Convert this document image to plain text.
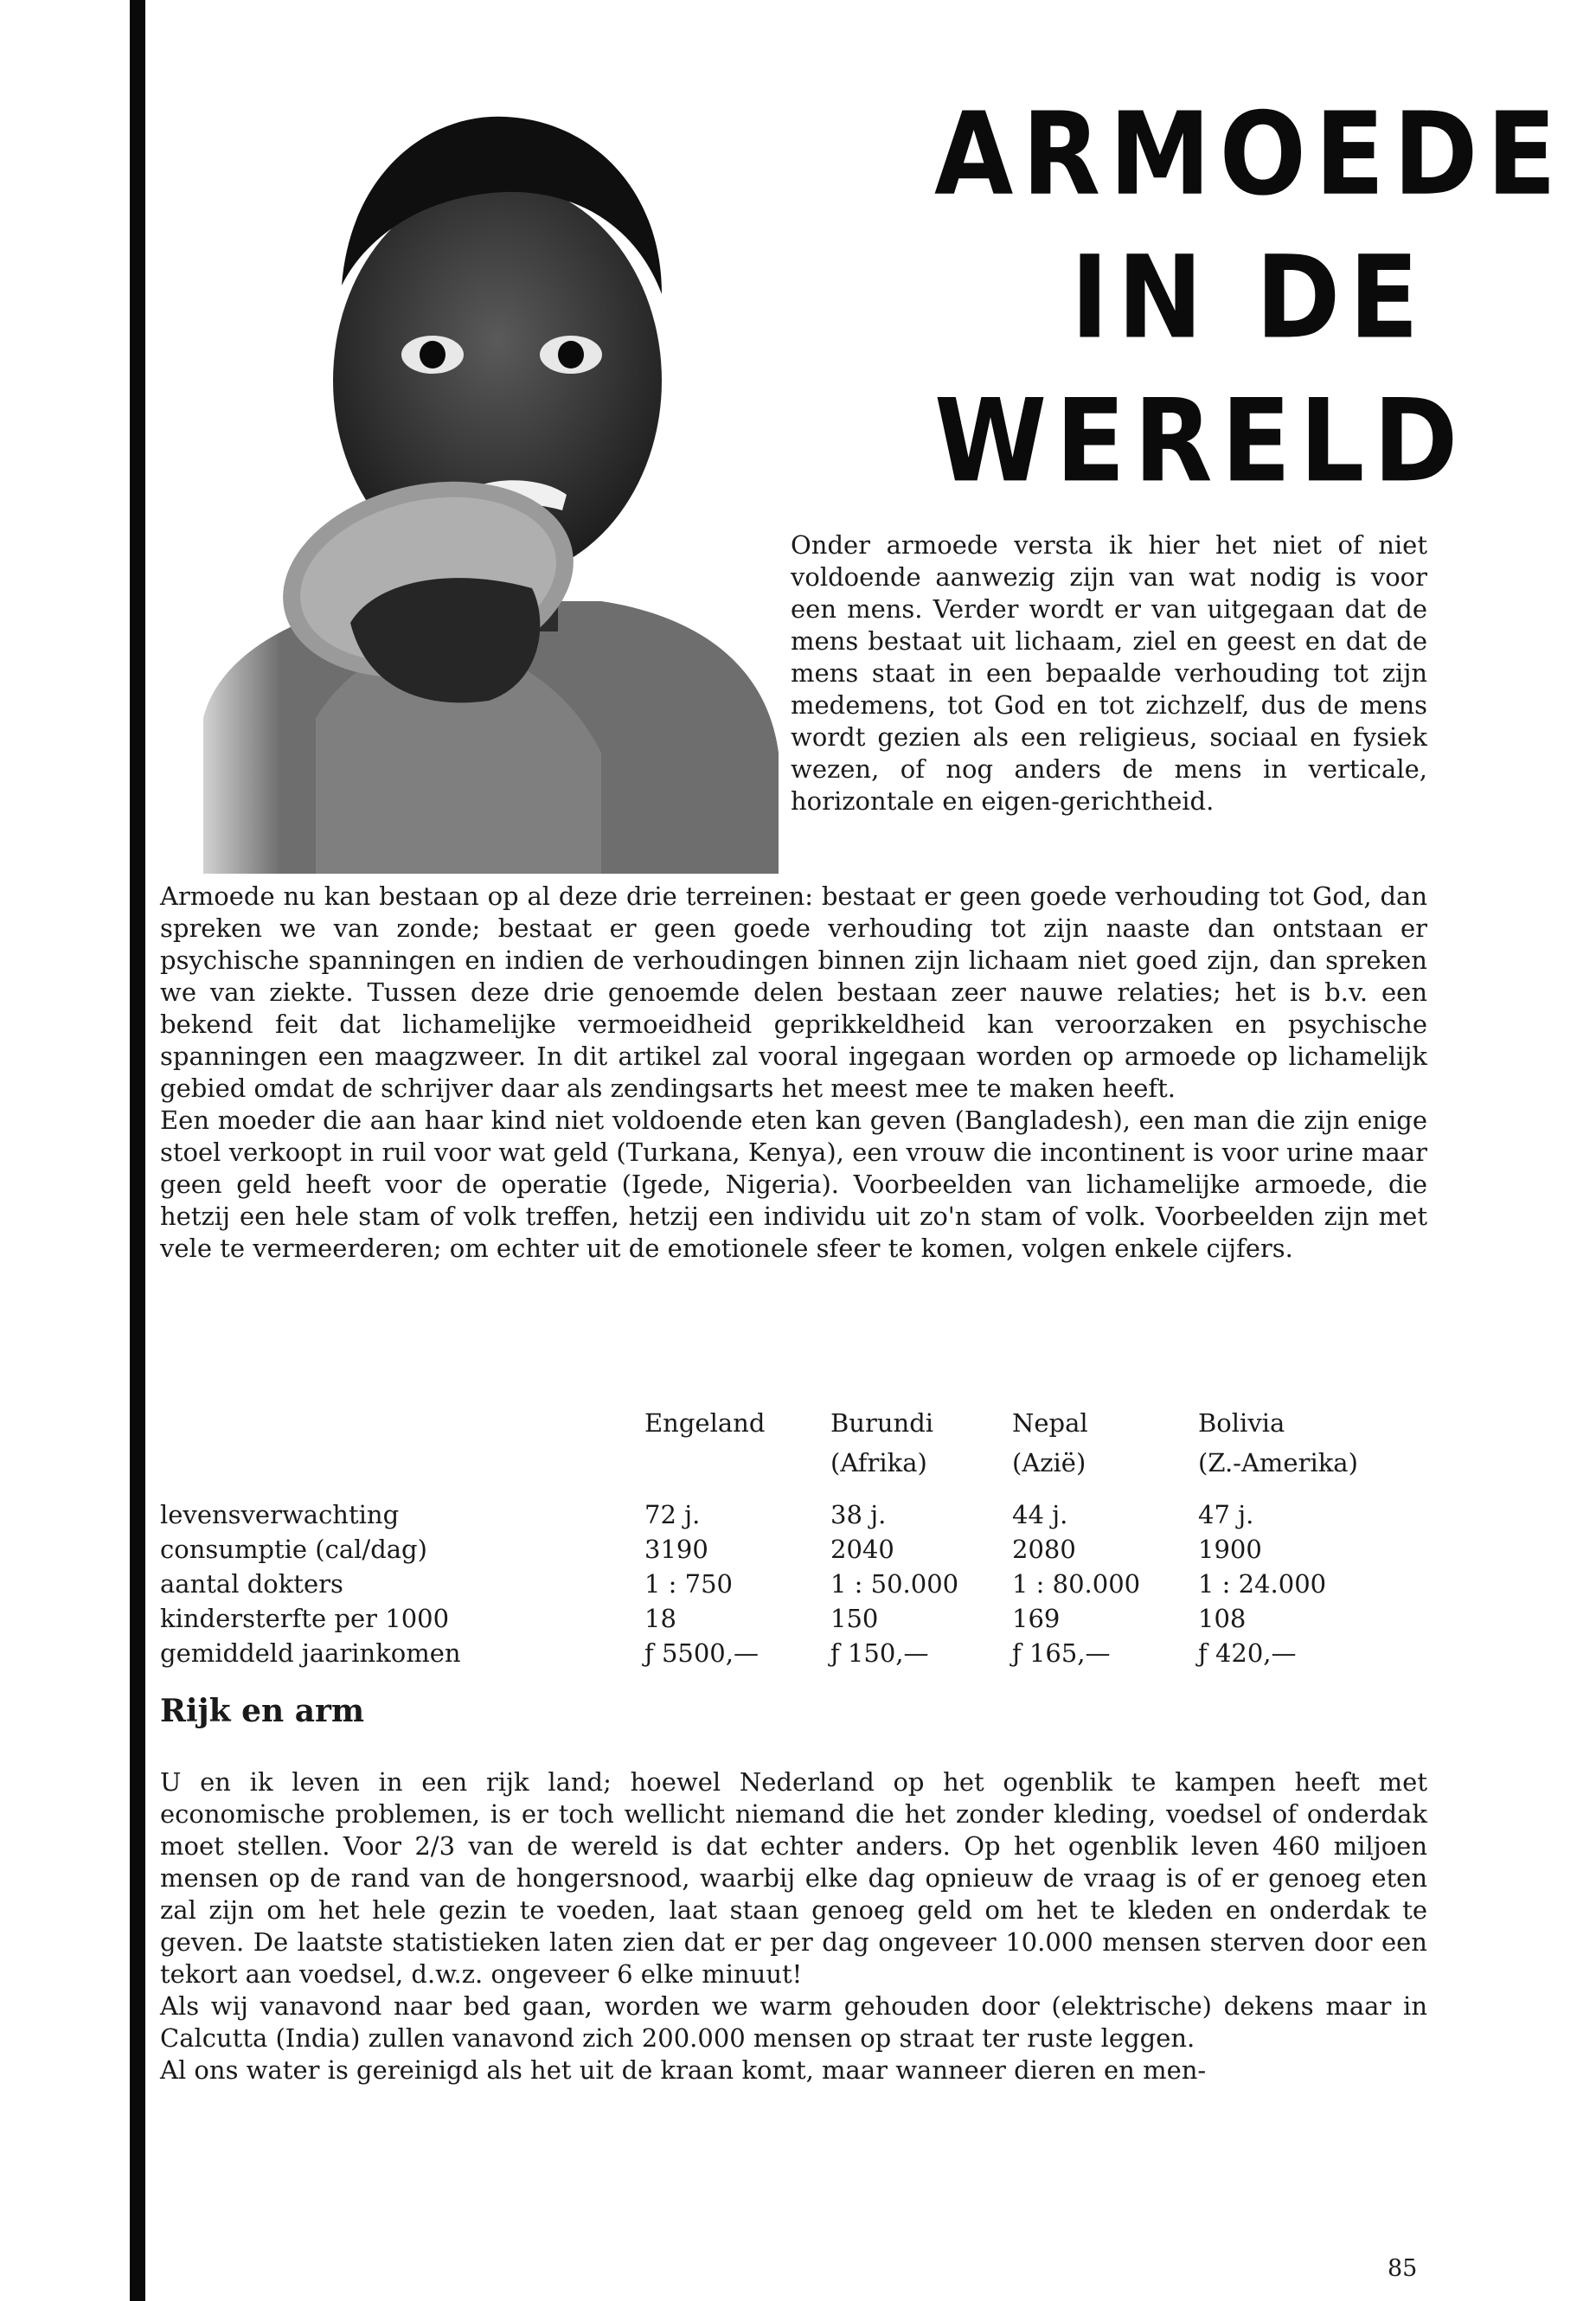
ARMOEDE
IN DE
WERELD

Onder armoede versta ik hier het niet of niet voldoende aanwezig zijn van wat nodig is voor een mens. Verder wordt er van uitgegaan dat de mens bestaat uit lichaam, ziel en geest en dat de mens staat in een bepaalde verhouding tot zijn medemens, tot God en tot zichzelf, dus de mens wordt gezien als een religieus, sociaal en fysiek wezen, of nog anders de mens in verticale, horizontale en eigen-gerichtheid.

Armoede nu kan bestaan op al deze drie terreinen: bestaat er geen goede verhouding tot God, dan spreken we van zonde; bestaat er geen goede verhouding tot zijn naaste dan ontstaan er psychische spanningen en indien de verhoudingen binnen zijn lichaam niet goed zijn, dan spreken we van ziekte. Tussen deze drie genoemde delen bestaan zeer nauwe relaties; het is b.v. een bekend feit dat lichamelijke vermoeidheid geprikkeldheid kan veroorzaken en psychische spanningen een maagzweer. In dit artikel zal vooral ingegaan worden op armoede op lichamelijk gebied omdat de schrijver daar als zendingsarts het meest mee te maken heeft.

Een moeder die aan haar kind niet voldoende eten kan geven (Bangladesh), een man die zijn enige stoel verkoopt in ruil voor wat geld (Turkana, Kenya), een vrouw die incontinent is voor urine maar geen geld heeft voor de operatie (Igede, Nigeria). Voorbeelden van lichamelijke armoede, die hetzij een hele stam of volk treffen, hetzij een individu uit zo'n stam of volk. Voorbeelden zijn met vele te vermeerderen; om echter uit de emotionele sfeer te komen, volgen enkele cijfers.

	Engeland	Burundi	Nepal	Bolivia
		(Afrika)	(Azië)	(Z.-Amerika)
levensverwachting	72 j.	38 j.	44 j.	47 j.
consumptie (cal/dag)	3190	2040	2080	1900
aantal dokters	1 : 750	1 : 50.000	1 : 80.000	1 : 24.000
kindersterfte per 1000	18	150	169	108
gemiddeld jaarinkomen	ƒ 5500,—	ƒ 150,—	ƒ 165,—	ƒ 420,—
Rijk en arm

U en ik leven in een rijk land; hoewel Nederland op het ogenblik te kampen heeft met economische problemen, is er toch wellicht niemand die het zonder kleding, voedsel of onderdak moet stellen. Voor 2/3 van de wereld is dat echter anders. Op het ogenblik leven 460 miljoen mensen op de rand van de hongersnood, waarbij elke dag opnieuw de vraag is of er genoeg eten zal zijn om het hele gezin te voeden, laat staan genoeg geld om het te kleden en onderdak te geven. De laatste statistieken laten zien dat er per dag ongeveer 10.000 mensen sterven door een tekort aan voedsel, d.w.z. ongeveer 6 elke minuut!

Als wij vanavond naar bed gaan, worden we warm gehouden door (elektrische) dekens maar in Calcutta (India) zullen vanavond zich 200.000 mensen op straat ter ruste leggen.

Al ons water is gereinigd als het uit de kraan komt, maar wanneer dieren en men-

85
